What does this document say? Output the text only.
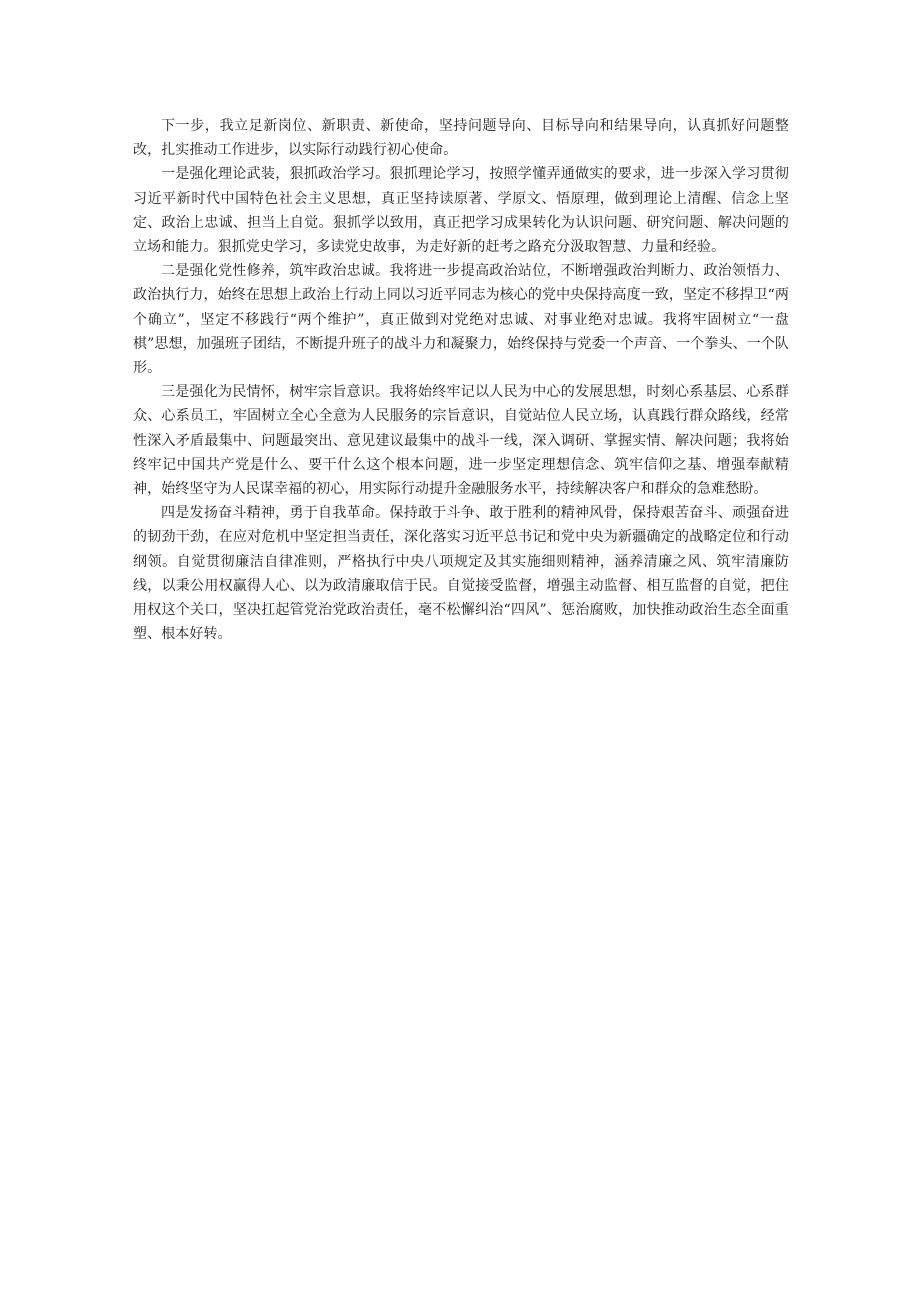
下一步，我立足新岗位、新职责、新使命，坚持问题导向、目标导向和结果导向，认真抓好问题整改，扎实推动工作进步，以实际行动践行初心使命。

一是强化理论武装，狠抓政治学习。狠抓理论学习，按照学懂弄通做实的要求，进一步深入学习贯彻习近平新时代中国特色社会主义思想，真正坚持读原著、学原文、悟原理，做到理论上清醒、信念上坚定、政治上忠诚、担当上自觉。狠抓学以致用，真正把学习成果转化为认识问题、研究问题、解决问题的立场和能力。狠抓党史学习，多读党史故事，为走好新的赶考之路充分汲取智慧、力量和经验。

二是强化党性修养，筑牢政治忠诚。我将进一步提高政治站位，不断增强政治判断力、政治领悟力、政治执行力，始终在思想上政治上行动上同以习近平同志为核心的党中央保持高度一致，坚定不移捍卫“两个确立”，坚定不移践行“两个维护”，真正做到对党绝对忠诚、对事业绝对忠诚。我将牢固树立“一盘棋”思想，加强班子团结，不断提升班子的战斗力和凝聚力，始终保持与党委一个声音、一个拳头、一个队形。

三是强化为民情怀，树牢宗旨意识。我将始终牢记以人民为中心的发展思想，时刻心系基层、心系群众、心系员工，牢固树立全心全意为人民服务的宗旨意识，自觉站位人民立场，认真践行群众路线，经常性深入矛盾最集中、问题最突出、意见建议最集中的战斗一线，深入调研、掌握实情、解决问题；我将始终牢记中国共产党是什么、要干什么这个根本问题，进一步坚定理想信念、筑牢信仰之基、增强奉献精神，始终坚守为人民谋幸福的初心，用实际行动提升金融服务水平，持续解决客户和群众的急难愁盼。

四是发扬奋斗精神，勇于自我革命。保持敢于斗争、敢于胜利的精神风骨，保持艰苦奋斗、顽强奋进的韧劲干劲，在应对危机中坚定担当责任，深化落实习近平总书记和党中央为新疆确定的战略定位和行动纲领。自觉贯彻廉洁自律准则，严格执行中央八项规定及其实施细则精神，涵养清廉之风、筑牢清廉防线，以秉公用权赢得人心、以为政清廉取信于民。自觉接受监督，增强主动监督、相互监督的自觉，把住用权这个关口，坚决扛起管党治党政治责任，毫不松懈纠治“四风”、惩治腐败，加快推动政治生态全面重塑、根本好转。
